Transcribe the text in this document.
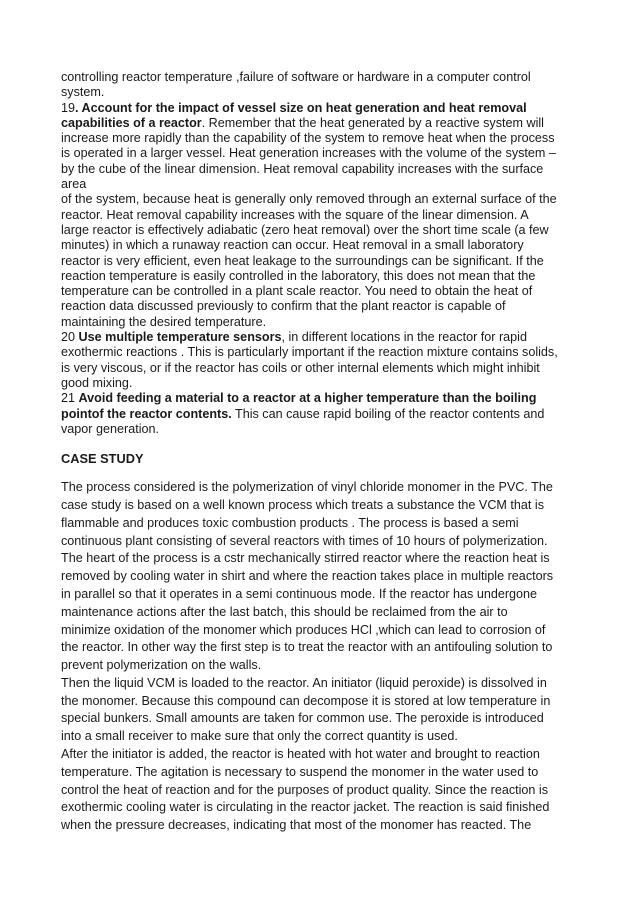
controlling reactor temperature ,failure of software or hardware in a computer control
system.
19. Account for the impact of vessel size on heat generation and heat removal
capabilities of a reactor. Remember that the heat generated by a reactive system will
increase more rapidly than the capability of the system to remove heat when the process
is operated in a larger vessel. Heat generation increases with the volume of the system –
by the cube of the linear dimension. Heat removal capability increases with the surface
area
of the system, because heat is generally only removed through an external surface of the
reactor. Heat removal capability increases with the square of the linear dimension. A
large reactor is effectively adiabatic (zero heat removal) over the short time scale (a few
minutes) in which a runaway reaction can occur. Heat removal in a small laboratory
reactor is very efficient, even heat leakage to the surroundings can be significant. If the
reaction temperature is easily controlled in the laboratory, this does not mean that the
temperature can be controlled in a plant scale reactor. You need to obtain the heat of
reaction data discussed previously to confirm that the plant reactor is capable of
maintaining the desired temperature.
20 Use multiple temperature sensors, in different locations in the reactor for rapid
exothermic reactions . This is particularly important if the reaction mixture contains solids,
is very viscous, or if the reactor has coils or other internal elements which might inhibit
good mixing.
21 Avoid feeding a material to a reactor at a higher temperature than the boiling
pointof the reactor contents. This can cause rapid boiling of the reactor contents and
vapor generation.
CASE STUDY
The process considered is the polymerization of vinyl chloride monomer in the PVC. The
case study is based on a well known process which treats a substance the VCM that is
flammable and produces toxic combustion products . The process is based a semi
continuous plant consisting of several reactors with times of 10 hours of polymerization.
The heart of the process is a cstr mechanically stirred reactor where the reaction heat is
removed by cooling water in shirt and where the reaction takes place in multiple reactors
in parallel so that it operates in a semi continuous mode. If the reactor has undergone
maintenance actions after the last batch, this should be reclaimed from the air to
minimize oxidation of the monomer which produces HCl ,which can lead to corrosion of
the reactor. In other way the first step is to treat the reactor with an antifouling solution to
prevent polymerization on the walls.
Then the liquid VCM is loaded to the reactor. An initiator (liquid peroxide) is dissolved in
the monomer. Because this compound can decompose it is stored at low temperature in
special bunkers. Small amounts are taken for common use. The peroxide is introduced
into a small receiver to make sure that only the correct quantity is used.
After the initiator is added, the reactor is heated with hot water and brought to reaction
temperature. The agitation is necessary to suspend the monomer in the water used to
control the heat of reaction and for the purposes of product quality. Since the reaction is
exothermic cooling water is circulating in the reactor jacket. The reaction is said finished
when the pressure decreases, indicating that most of the monomer has reacted. The
